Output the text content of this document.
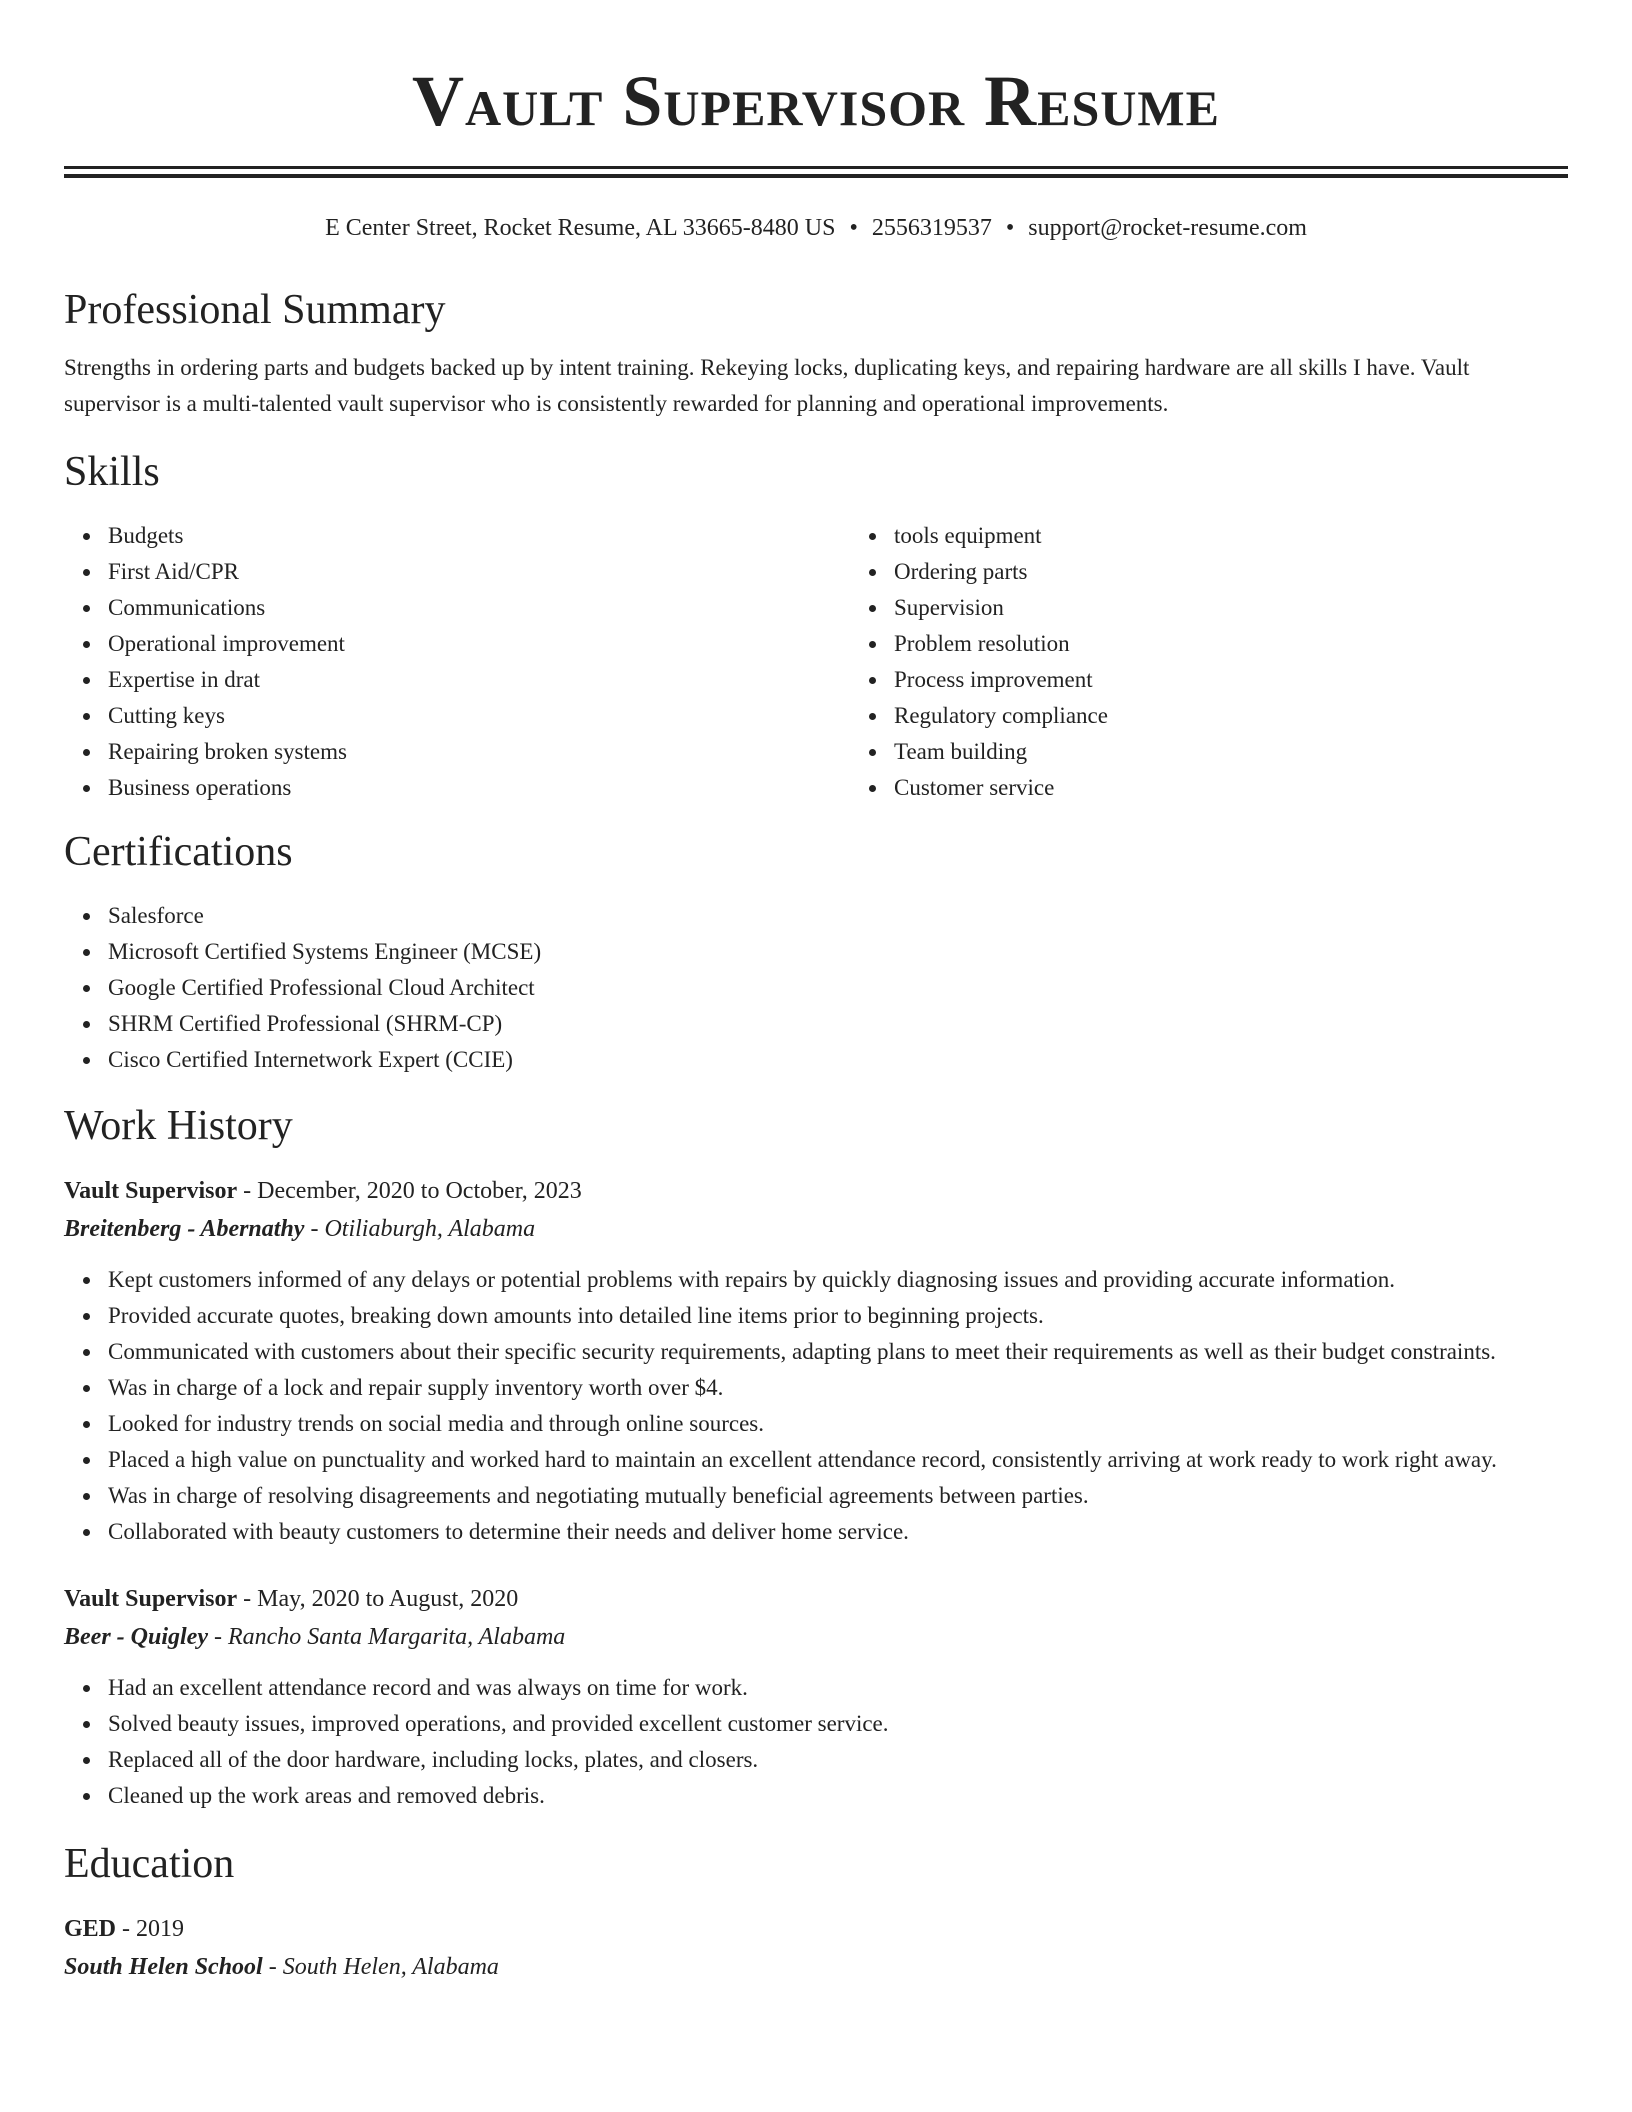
Vault Supervisor Resume
E Center Street, Rocket Resume, AL 33665-8480 US • 2556319537 • support@rocket-resume.com
Professional Summary

Strengths in ordering parts and budgets backed up by intent training. Rekeying locks, duplicating keys, and repairing hardware are all skills I have. Vault supervisor is a multi-talented vault supervisor who is consistently rewarded for planning and operational improvements.

Skills
Budgets
First Aid/CPR
Communications
Operational improvement
Expertise in drat
Cutting keys
Repairing broken systems
Business operations
tools equipment
Ordering parts
Supervision
Problem resolution
Process improvement
Regulatory compliance
Team building
Customer service
Certifications
Salesforce
Microsoft Certified Systems Engineer (MCSE)
Google Certified Professional Cloud Architect
SHRM Certified Professional (SHRM-CP)
Cisco Certified Internetwork Expert (CCIE)
Work History
Vault Supervisor - December, 2020 to October, 2023
Breitenberg - Abernathy - Otiliaburgh, Alabama
Kept customers informed of any delays or potential problems with repairs by quickly diagnosing issues and providing accurate information.
Provided accurate quotes, breaking down amounts into detailed line items prior to beginning projects.
Communicated with customers about their specific security requirements, adapting plans to meet their requirements as well as their budget constraints.
Was in charge of a lock and repair supply inventory worth over $4.
Looked for industry trends on social media and through online sources.
Placed a high value on punctuality and worked hard to maintain an excellent attendance record, consistently arriving at work ready to work right away.
Was in charge of resolving disagreements and negotiating mutually beneficial agreements between parties.
Collaborated with beauty customers to determine their needs and deliver home service.
Vault Supervisor - May, 2020 to August, 2020
Beer - Quigley - Rancho Santa Margarita, Alabama
Had an excellent attendance record and was always on time for work.
Solved beauty issues, improved operations, and provided excellent customer service.
Replaced all of the door hardware, including locks, plates, and closers.
Cleaned up the work areas and removed debris.
Education
GED - 2019
South Helen School - South Helen, Alabama
